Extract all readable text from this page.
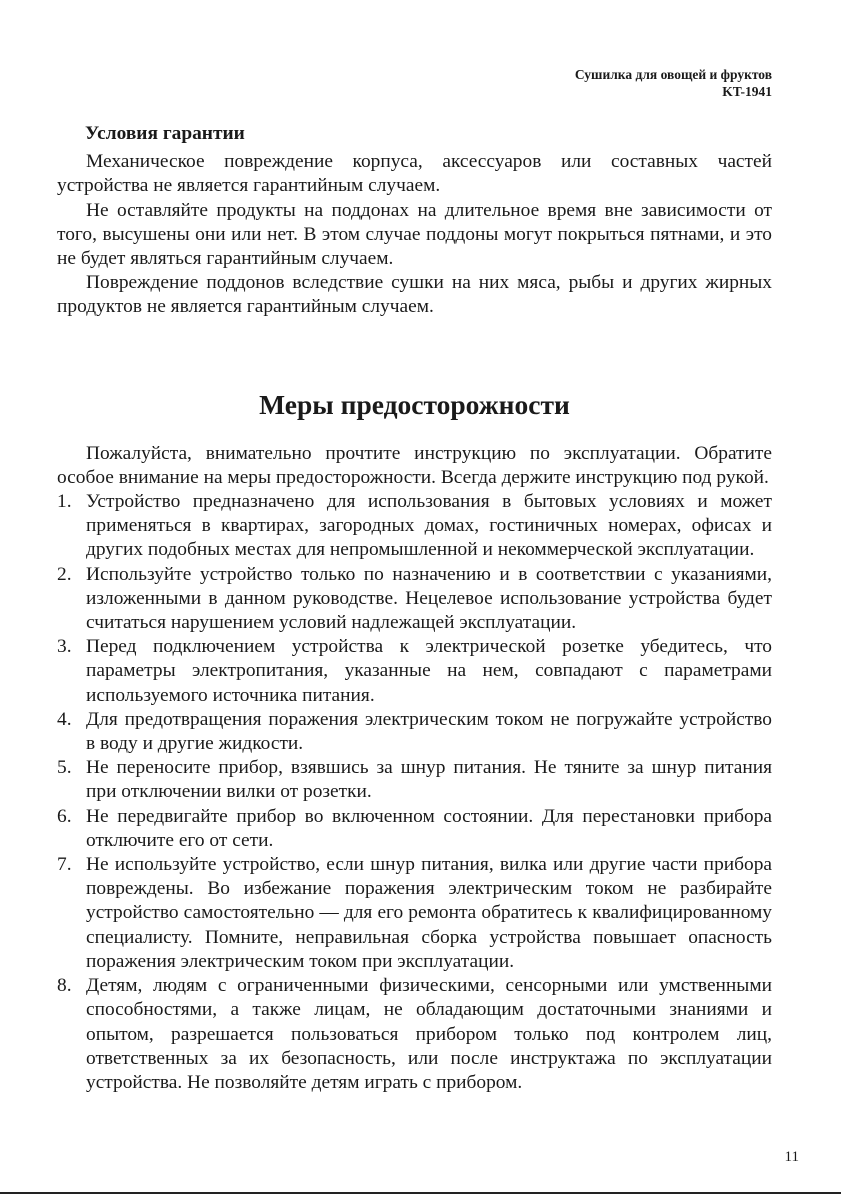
Сушилка для овощей и фруктов
KT-1941
Условия гарантии

Механическое повреждение корпуса, аксессуаров или составных частей устройства не является гарантийным случаем.

Не оставляйте продукты на поддонах на длительное время вне зависимости от того, высушены они или нет. В этом случае поддоны могут покрыться пятнами, и это не будет являться гарантийным случаем.

Повреждение поддонов вследствие сушки на них мяса, рыбы и других жирных продуктов не является гарантийным случаем.

Меры предосторожности

Пожалуйста, внимательно прочтите инструкцию по эксплуатации. Обратите особое внимание на меры предосторожности. Всегда держите инструкцию под рукой.

1. Устройство предназначено для использования в бытовых условиях и может применяться в квартирах, загородных домах, гостиничных номерах, офисах и других подобных местах для непромышленной и некоммерческой эксплуатации.
2. Используйте устройство только по назначению и в соответствии с указаниями, изложенными в данном руководстве. Нецелевое использование устройства будет считаться нарушением условий надлежащей эксплуатации.
3. Перед подключением устройства к электрической розетке убедитесь, что параметры электропитания, указанные на нем, совпадают с параметрами используемого источника питания.
4. Для предотвращения поражения электрическим током не погружайте устройство в воду и другие жидкости.
5. Не переносите прибор, взявшись за шнур питания. Не тяните за шнур питания при отключении вилки от розетки.
6. Не передвигайте прибор во включенном состоянии. Для перестановки прибора отключите его от сети.
7. Не используйте устройство, если шнур питания, вилка или другие части прибора повреждены. Во избежание поражения электрическим током не разбирайте устройство самостоятельно — для его ремонта обратитесь к квалифицированному специалисту. Помните, неправильная сборка устройства повышает опасность поражения электрическим током при эксплуатации.
8. Детям, людям с ограниченными физическими, сенсорными или умственными способностями, а также лицам, не обладающим достаточными знаниями и опытом, разрешается пользоваться прибором только под контролем лиц, ответственных за их безопасность, или после инструктажа по эксплуатации устройства. Не позволяйте детям играть с прибором.
11
